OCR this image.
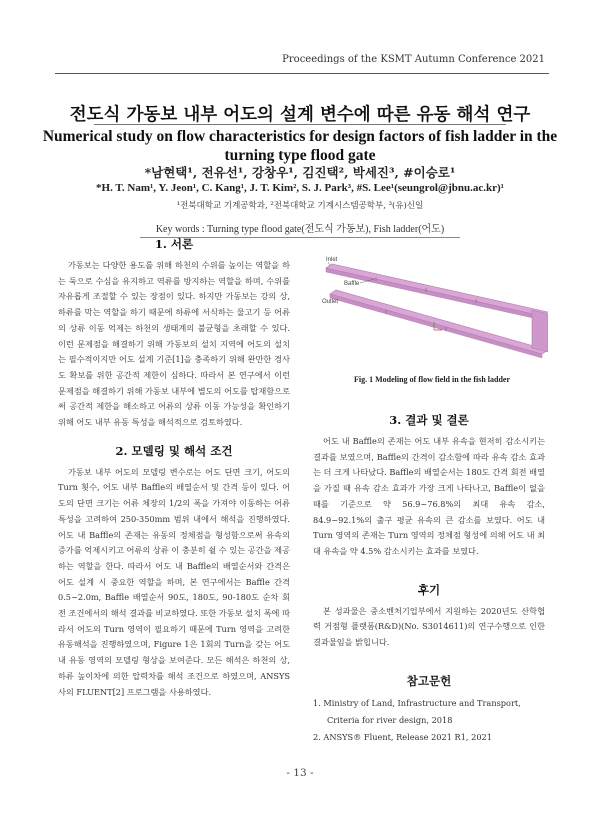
Proceedings of the KSMT Autumn Conference 2021
전도식 가동보 내부 어도의 설계 변수에 따른 유동 해석 연구
Numerical study on flow characteristics for design factors of fish ladder in the turning type flood gate
*남현택¹, 전유선¹, 강창우¹, 김진택², 박세진³, #이승로¹
*H. T. Nam¹, Y. Jeon¹, C. Kang¹, J. T. Kim², S. J. Park³, #S. Lee¹(seungrol@jbnu.ac.kr)¹
¹전북대학교 기계공학과, ²전북대학교 기계시스템공학부, ³(유)신일
Key words : Turning type flood gate(전도식 가동보), Fish ladder(어도)
1. 서론

가동보는 다양한 용도를 위해 하천의 수위를 높이는 역할을 하는 둑으로 수심을 유지하고 역류를 방지하는 역할을 하며, 수위를 자유롭게 조절할 수 있는 장점이 있다. 하지만 가동보는 강의 상, 하류를 막는 역할을 하기 때문에 하류에 서식하는 물고기 등 어류의 상류 이동 억제는 하천의 생태계의 불균형을 초래할 수 있다. 이런 문제점을 해결하기 위해 가동보의 설치 지역에 어도의 설치는 필수적이지만 어도 설계 기준[1]을 충족하기 위해 완만한 경사도 확보를 위한 공간적 제한이 심하다. 따라서 본 연구에서 이런 문제점을 해결하기 위해 가동보 내부에 별도의 어도를 탑재함으로써 공간적 제한을 해소하고 어류의 상류 이동 가능성을 확인하기 위해 어도 내부 유동 특성을 해석적으로 검토하였다.

2. 모델링 및 해석 조건

가동보 내부 어도의 모델링 변수로는 어도 단면 크기, 어도의 Turn 횟수, 어도 내부 Baffle의 배열순서 및 간격 등이 있다. 어도의 단면 크기는 어류 체장의 1/2의 폭을 가져야 이동하는 어류 특성을 고려하여 250-350mm 범위 내에서 해석을 진행하였다. 어도 내 Baffle의 존재는 유동의 정체점을 형성함으로써 유속의 증가를 억제시키고 어류의 상류 이 충분히 쉴 수 있는 공간을 제공하는 역할을 한다. 따라서 어도 내 Baffle의 배열순서와 간격은 어도 설계 시 중요한 역할을 하며, 본 연구에서는 Baffle 간격 0.5~2.0m, Baffle 배열순서 90도, 180도, 90-180도 순차 회전 조건에서의 해석 결과를 비교하였다. 또한 가동보 설치 폭에 따라서 어도의 Turn 영역이 필요하기 때문에 Turn 영역을 고려한 유동해석을 진행하였으며, Figure 1은 1회의 Turn을 갖는 어도 내 유동 영역의 모델링 형상을 보여준다. 모든 해석은 하천의 상, 하류 높이차에 의한 압력차를 해석 조건으로 하였으며, ANSYS 사의 FLUENT[2] 프로그램을 사용하였다.

Inlet
Baffle
Outlet
Fig. 1 Modeling of flow field in the fish ladder
3. 결과 및 결론

어도 내 Baffle의 존재는 어도 내부 유속을 현저히 감소시키는 결과를 보였으며, Baffle의 간격이 감소함에 따라 유속 감소 효과는 더 크게 나타났다. Baffle의 배열순서는 180도 간격 회전 배열을 가질 때 유속 감소 효과가 가장 크게 나타나고, Baffle이 없을 때를 기준으로 약 56.9~76.8%의 최대 유속 감소, 84.9~92.1%의 출구 평균 유속의 큰 감소를 보였다. 어도 내 Turn 영역의 존재는 Turn 영역의 정체점 형성에 의해 어도 내 최대 유속을 약 4.5% 감소시키는 효과를 보였다.

후기

본 성과물은 중소벤처기업부에서 지원하는 2020년도 산학협력 거점형 플랫폼(R&D)(No. S3014611)의 연구수행으로 인한 결과물임을 밝힙니다.

참고문헌

1. Ministry of Land, Infrastructure and Transport, Criteria for river design, 2018

2. ANSYS® Fluent, Release 2021 R1, 2021

- 13 -
